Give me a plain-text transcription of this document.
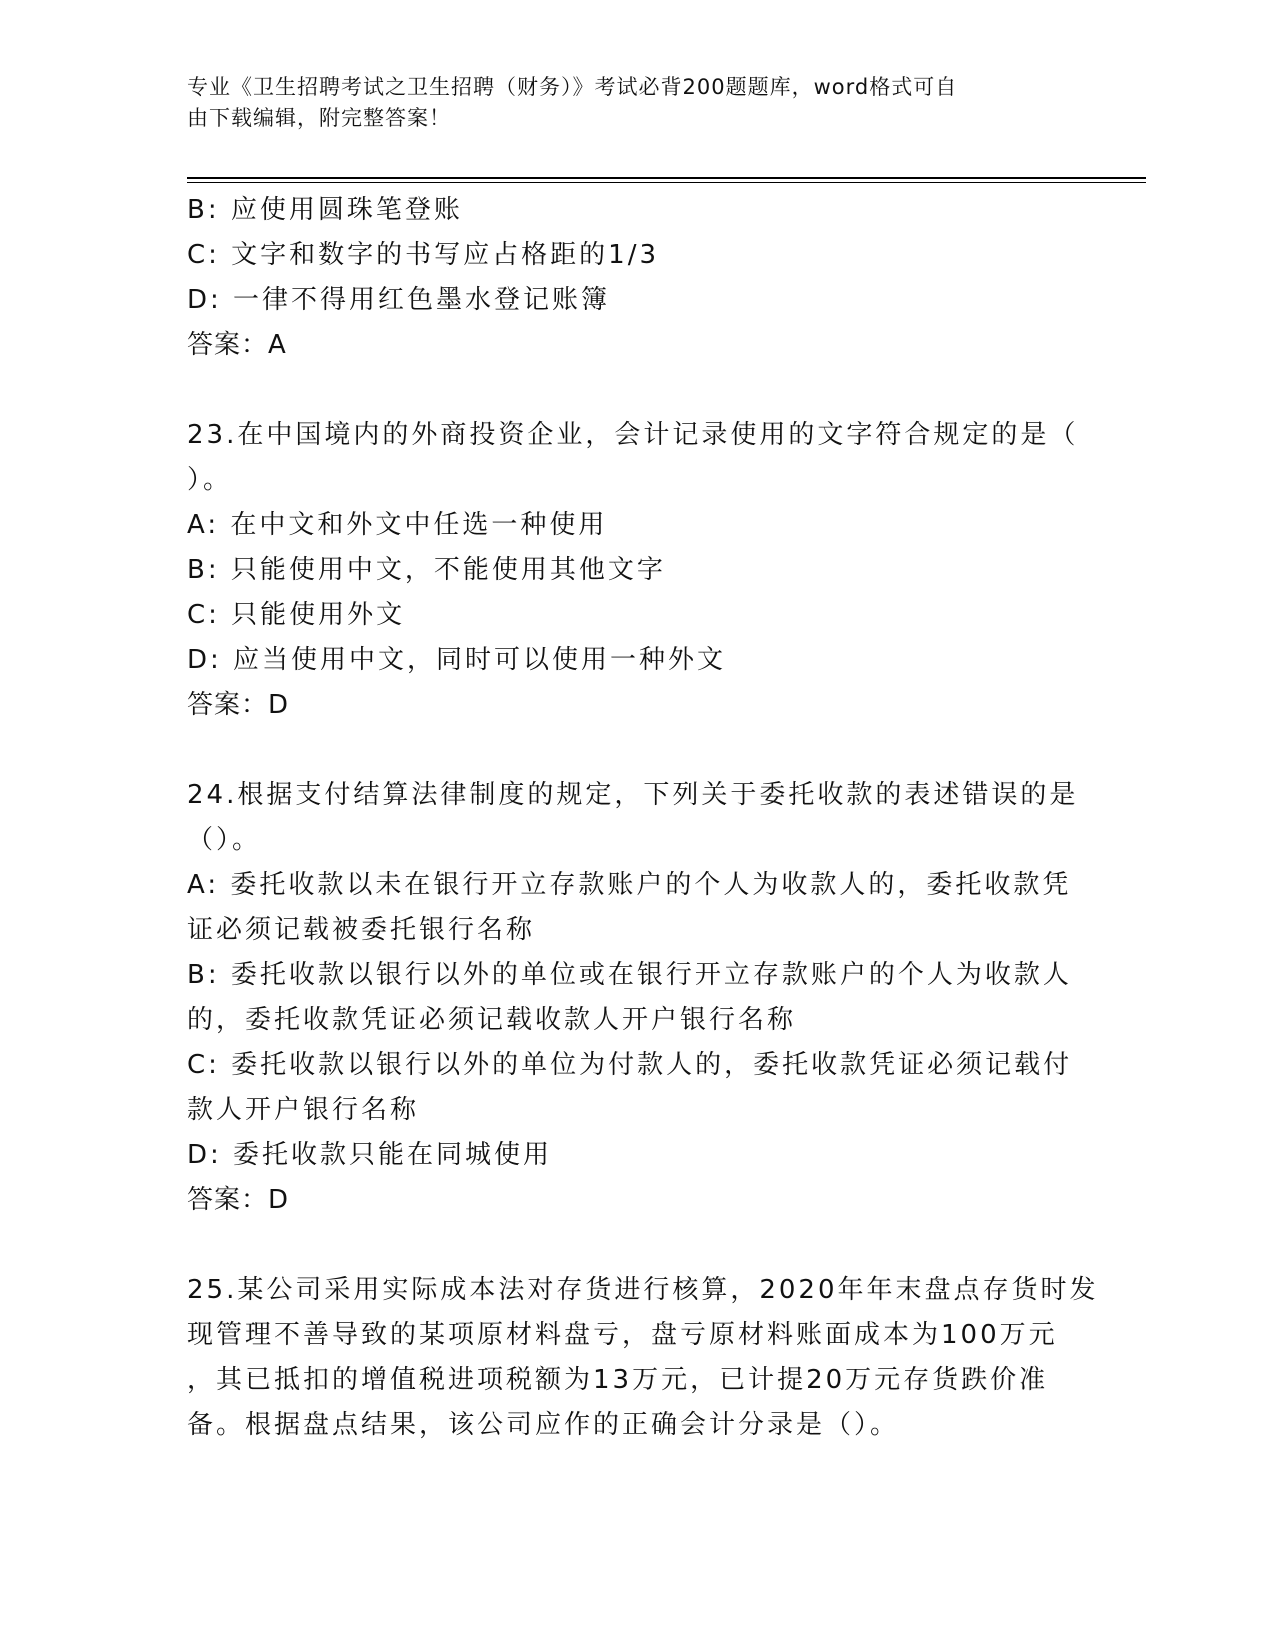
专业《卫生招聘考试之卫生招聘（财务）》考试必背200题题库，word格式可自
由下载编辑，附完整答案！
B: 应使用圆珠笔登账
C: 文字和数字的书写应占格距的1/3
D: 一律不得用红色墨水登记账簿
答案：A
23.在中国境内的外商投资企业，会计记录使用的文字符合规定的是（
）。
A: 在中文和外文中任选一种使用
B: 只能使用中文，不能使用其他文字
C: 只能使用外文
D: 应当使用中文，同时可以使用一种外文
答案：D
24.根据支付结算法律制度的规定，下列关于委托收款的表述错误的是
（）。
A: 委托收款以未在银行开立存款账户的个人为收款人的，委托收款凭
证必须记载被委托银行名称
B: 委托收款以银行以外的单位或在银行开立存款账户的个人为收款人
的，委托收款凭证必须记载收款人开户银行名称
C: 委托收款以银行以外的单位为付款人的，委托收款凭证必须记载付
款人开户银行名称
D: 委托收款只能在同城使用
答案：D
25.某公司采用实际成本法对存货进行核算，2020年年末盘点存货时发
现管理不善导致的某项原材料盘亏，盘亏原材料账面成本为100万元
，其已抵扣的增值税进项税额为13万元，已计提20万元存货跌价准
备。根据盘点结果，该公司应作的正确会计分录是（）。
